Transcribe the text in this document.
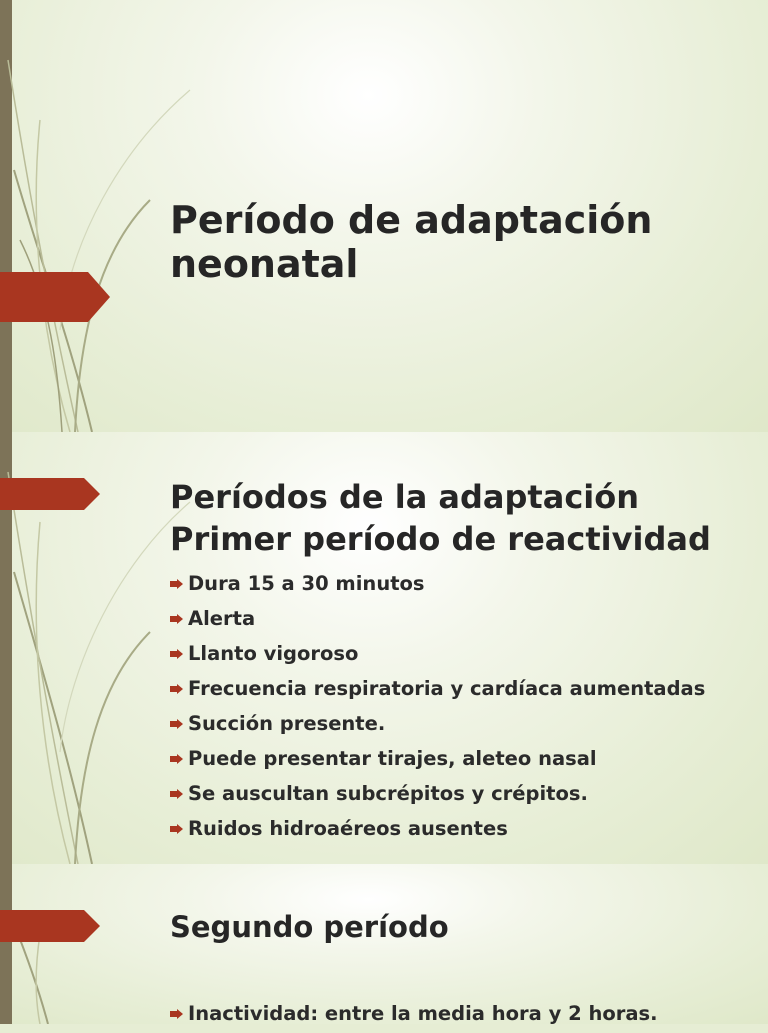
Período de adaptación
neonatal
Períodos de la adaptación
Primer período de reactividad
Dura 15 a 30 minutos
Alerta
Llanto vigoroso
Frecuencia respiratoria y cardíaca aumentadas
Succión presente.
Puede presentar tirajes, aleteo nasal
Se auscultan subcrépitos y crépitos.
Ruidos hidroaéreos ausentes
Segundo período
Inactividad: entre la media hora y 2 horas.
